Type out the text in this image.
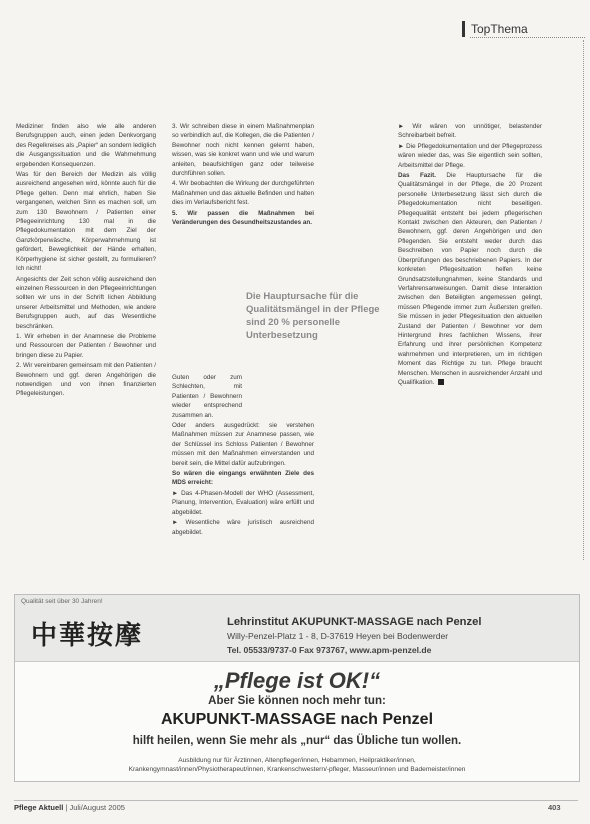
TopThema

Mediziner finden also wie alle anderen Berufsgruppen auch, einen jeden Denkvorgang des Regelkreises als „Papier“ an sondern lediglich die Ausgangssituation und die Wahrnehmung ergebenden Konsequenzen.

Was für den Bereich der Medizin als völlig ausreichend angesehen wird, könnte auch für die Pflege gelten. Denn mal ehrlich, haben Sie vergangenen, welchen Sinn es machen soll, um zum 130 Bewohnern / Patienten einer Pflegeeinrichtung 130 mal in die Pflegedokumentation mit dem Ziel der Ganzkörperwäsche, Körperwahrnehmung ist gefördert, Beweglichkeit der Hände erhalten, Körperhygiene ist sicher gestellt, zu formulieren? Ich nicht!

Angesichts der Zeit schon völlig ausreichend den einzelnen Ressourcen in den Pflegeeinrichtungen sollten wir uns in der Schrift lichen Abbildung unserer Arbeitsmittel und Methoden, wie andere Berufsgruppen auch, auf das Wesentliche beschränken.

1. Wir erheben in der Anamnese die Probleme und Ressourcen der Patienten / Bewohner und bringen diese zu Papier.

2. Wir vereinbaren gemeinsam mit den Patienten / Bewohnern und ggf. deren Angehörigen die notwendigen und von ihnen finanzierten Pflegeleistungen.

3. Wir schreiben diese in einem Maßnahmenplan so verbindlich auf, die Kollegen, die die Patienten / Bewohner noch nicht kennen gelernt haben, wissen, was sie konkret wann und wie und warum anleiten, beaufsichtigen ganz oder teilweise durchführen sollen.

4. Wir beobachten die Wirkung der durchgeführten Maßnahmen und das aktuelle Befinden und halten dies im Verlaufsbericht fest.

5. Wir passen die Maßnahmen bei Veränderungen des Gesundheitszustandes an.

Die Hauptursache für die Qualitätsmängel in der Pflege sind 20 % personelle Unterbesetzung

Guten oder zum Schlechten, mit Patienten / Bewohnern wieder entsprechend zusammen an.

Oder anders ausgedrückt: sie verstehen Maßnahmen müssen zur Anamnese passen, wie der Schlüssel ins Schloss Patienten / Bewohner müssen mit den Maßnahmen einverstanden und bereit sein, die Mittel dafür aufzubringen.

So wären die eingangs erwähnten Ziele des MDS erreicht:

► Das 4-Phasen-Modell der WHO (Assessment, Planung, Intervention, Evaluation) wäre erfüllt und abgebildet.

► Wesentliche wäre juristisch ausreichend abgebildet.

► Wir wären von unnötiger, belastender Schreibarbeit befreit.

► Die Pflegedokumentation und der Pflegeprozess wären wieder das, was Sie eigentlich sein sollten, Arbeitsmittel der Pflege.

Das Fazit. Die Hauptursache für die Qualitätsmängel in der Pflege, die 20 Prozent personelle Unterbesetzung lässt sich durch die Pflegedokumentation nicht beseitigen. Pflegequalität entsteht bei jedem pflegerischen Kontakt zwischen den Akteuren, den Patienten / Bewohnern, ggf. deren Angehörigen und den Pflegenden. Sie entsteht weder durch das Beschreiben von Papier noch durch die Überprüfungen des beschriebenen Papiers. In der konkreten Pflegesituation helfen keine Grundsatzstellungnahmen, keine Standards und Verfahrensanweisungen. Damit diese Interaktion zwischen den Beteiligten angemessen gelingt, müssen Pflegende immer zum Äußersten greifen. Sie müssen in jeder Pflegesituation den aktuellen Zustand der Patienten / Bewohner vor dem Hintergrund ihres fachlichen Wissens, ihrer Erfahrung und ihrer persönlichen Kompetenz wahrnehmen und interpretieren, um im richtigen Moment das Richtige zu tun. Pflege braucht Menschen. Menschen in ausreichender Anzahl und Qualifikation.

Qualität seit über 30 Jahren!
中華按摩	Lehrinstitut AKUPUNKT-MASSAGE nach Penzel
Willy-Penzel-Platz 1 - 8, D-37619 Heyen bei Bodenwerder
Tel. 05533/9737-0 Fax 973767, www.apm-penzel.de
„Pflege ist OK!“
Aber Sie können noch mehr tun:
AKUPUNKT-MASSAGE nach Penzel
hilft heilen, wenn Sie mehr als „nur“ das Übliche tun wollen.
Ausbildung nur für Ärztinnen, Altenpfleger/innen, Hebammen, Heilpraktiker/innen,
Krankengymnast/innen/Physiotherapeut/innen, Krankenschwestern/-pfleger, Masseur/innen und Bademeister/innen
Pflege Aktuell | Juli/August 2005	403
